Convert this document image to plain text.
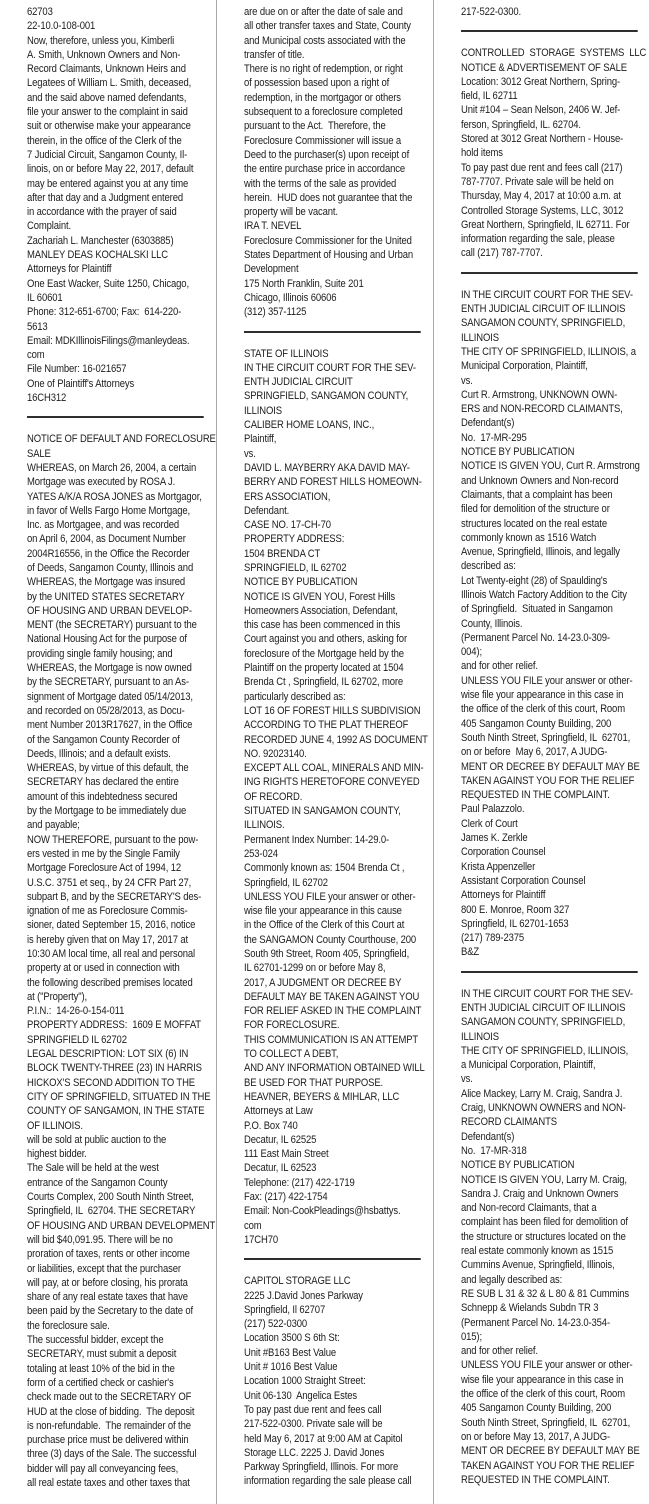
62703
22-10.0-108-001
Now, therefore, unless you, Kimberli
A. Smith, Unknown Owners and Non-
Record Claimants, Unknown Heirs and
Legatees of William L. Smith, deceased,
and the said above named defendants,
file your answer to the complaint in said
suit or otherwise make your appearance
therein, in the office of the Clerk of the
7 Judicial Circuit, Sangamon County, Il-
linois, on or before May 22, 2017, default
may be entered against you at any time
after that day and a Judgment entered
in accordance with the prayer of said
Complaint.
Zachariah L. Manchester (6303885)
MANLEY DEAS KOCHALSKI LLC
Attorneys for Plaintiff
One East Wacker, Suite 1250, Chicago,
IL 60601
Phone: 312-651-6700; Fax:  614-220-
5613
Email: MDKIllinoisFilings@manleydeas.
com
File Number: 16-021657
One of Plaintiff's Attorneys
16CH312
NOTICE OF DEFAULT AND FORECLOSURE
SALE
WHEREAS, on March 26, 2004, a certain
Mortgage was executed by ROSA J.
YATES A/K/A ROSA JONES as Mortgagor,
in favor of Wells Fargo Home Mortgage,
Inc. as Mortgagee, and was recorded
on April 6, 2004, as Document Number
2004R16556, in the Office the Recorder
of Deeds, Sangamon County, Illinois and
WHEREAS, the Mortgage was insured
by the UNITED STATES SECRETARY
OF HOUSING AND URBAN DEVELOP-
MENT (the SECRETARY) pursuant to the
National Housing Act for the purpose of
providing single family housing; and
WHEREAS, the Mortgage is now owned
by the SECRETARY, pursuant to an As-
signment of Mortgage dated 05/14/2013,
and recorded on 05/28/2013, as Docu-
ment Number 2013R17627, in the Office
of the Sangamon County Recorder of
Deeds, Illinois; and a default exists.
WHEREAS, by virtue of this default, the
SECRETARY has declared the entire
amount of this indebtedness secured
by the Mortgage to be immediately due
and payable;
NOW THEREFORE, pursuant to the pow-
ers vested in me by the Single Family
Mortgage Foreclosure Act of 1994, 12
U.S.C. 3751 et seq., by 24 CFR Part 27,
subpart B, and by the SECRETARY'S des-
ignation of me as Foreclosure Commis-
sioner, dated September 15, 2016, notice
is hereby given that on May 17, 2017 at
10:30 AM local time, all real and personal
property at or used in connection with
the following described premises located
at ("Property"),
P.I.N.:  14-26-0-154-011
PROPERTY ADDRESS:  1609 E MOFFAT
SPRINGFIELD IL 62702
LEGAL DESCRIPTION: LOT SIX (6) IN
BLOCK TWENTY-THREE (23) IN HARRIS
HICKOX'S SECOND ADDITION TO THE
CITY OF SPRINGFIELD, SITUATED IN THE
COUNTY OF SANGAMON, IN THE STATE
OF ILLINOIS.
will be sold at public auction to the
highest bidder.
The Sale will be held at the west
entrance of the Sangamon County
Courts Complex, 200 South Ninth Street,
Springfield, IL  62704. THE SECRETARY
OF HOUSING AND URBAN DEVELOPMENT
will bid $40,091.95. There will be no
proration of taxes, rents or other income
or liabilities, except that the purchaser
will pay, at or before closing, his prorata
share of any real estate taxes that have
been paid by the Secretary to the date of
the foreclosure sale.
The successful bidder, except the
SECRETARY, must submit a deposit
totaling at least 10% of the bid in the
form of a certified check or cashier's
check made out to the SECRETARY OF
HUD at the close of bidding.  The deposit
is non-refundable.  The remainder of the
purchase price must be delivered within
three (3) days of the Sale. The successful
bidder will pay all conveyancing fees,
all real estate taxes and other taxes that
are due on or after the date of sale and
all other transfer taxes and State, County
and Municipal costs associated with the
transfer of title.
There is no right of redemption, or right
of possession based upon a right of
redemption, in the mortgagor or others
subsequent to a foreclosure completed
pursuant to the Act.  Therefore, the
Foreclosure Commissioner will issue a
Deed to the purchaser(s) upon receipt of
the entire purchase price in accordance
with the terms of the sale as provided
herein.  HUD does not guarantee that the
property will be vacant.
IRA T. NEVEL
Foreclosure Commissioner for the United
States Department of Housing and Urban
Development
175 North Franklin, Suite 201
Chicago, Illinois 60606
(312) 357-1125
STATE OF ILLINOIS
IN THE CIRCUIT COURT FOR THE SEV-
ENTH JUDICIAL CIRCUIT
SPRINGFIELD, SANGAMON COUNTY,
ILLINOIS
CALIBER HOME LOANS, INC.,
Plaintiff,
vs.
DAVID L. MAYBERRY AKA DAVID MAY-
BERRY AND FOREST HILLS HOMEOWN-
ERS ASSOCIATION,
Defendant.
CASE NO. 17-CH-70
PROPERTY ADDRESS:
1504 BRENDA CT
SPRINGFIELD, IL 62702
NOTICE BY PUBLICATION
NOTICE IS GIVEN YOU, Forest Hills
Homeowners Association, Defendant,
this case has been commenced in this
Court against you and others, asking for
foreclosure of the Mortgage held by the
Plaintiff on the property located at 1504
Brenda Ct , Springfield, IL 62702, more
particularly described as:
LOT 16 OF FOREST HILLS SUBDIVISION
ACCORDING TO THE PLAT THEREOF
RECORDED JUNE 4, 1992 AS DOCUMENT
NO. 92023140.
EXCEPT ALL COAL, MINERALS AND MIN-
ING RIGHTS HERETOFORE CONVEYED
OF RECORD.
SITUATED IN SANGAMON COUNTY,
ILLINOIS.
Permanent Index Number: 14-29.0-
253-024
Commonly known as: 1504 Brenda Ct ,
Springfield, IL 62702
UNLESS YOU FILE your answer or other-
wise file your appearance in this cause
in the Office of the Clerk of this Court at
the SANGAMON County Courthouse, 200
South 9th Street, Room 405, Springfield,
IL 62701-1299 on or before May 8,
2017, A JUDGMENT OR DECREE BY
DEFAULT MAY BE TAKEN AGAINST YOU
FOR RELIEF ASKED IN THE COMPLAINT
FOR FORECLOSURE.
THIS COMMUNICATION IS AN ATTEMPT
TO COLLECT A DEBT,
AND ANY INFORMATION OBTAINED WILL
BE USED FOR THAT PURPOSE.
HEAVNER, BEYERS & MIHLAR, LLC
Attorneys at Law
P.O. Box 740
Decatur, IL 62525
111 East Main Street
Decatur, IL 62523
Telephone: (217) 422-1719
Fax: (217) 422-1754
Email: Non-CookPleadings@hsbattys.
com
17CH70
CAPITOL STORAGE LLC
2225 J.David Jones Parkway
Springfield, Il 62707
(217) 522-0300
Location 3500 S 6th St:
Unit #B163 Best Value
Unit # 1016 Best Value
Location 1000 Straight Street:
Unit 06-130  Angelica Estes
To pay past due rent and fees call
217-522-0300. Private sale will be
held May 6, 2017 at 9:00 AM at Capitol
Storage LLC. 2225 J. David Jones
Parkway Springfield, Illinois. For more
information regarding the sale please call
217-522-0300.
CONTROLLED  STORAGE  SYSTEMS  LLC
NOTICE & ADVERTISEMENT OF SALE
Location: 3012 Great Northern, Spring-
field, IL 62711
Unit #104 – Sean Nelson, 2406 W. Jef-
ferson, Springfield, IL. 62704.
Stored at 3012 Great Northern - House-
hold items
To pay past due rent and fees call (217)
787-7707. Private sale will be held on
Thursday, May 4, 2017 at 10:00 a.m. at
Controlled Storage Systems, LLC, 3012
Great Northern, Springfield, IL 62711. For
information regarding the sale, please
call (217) 787-7707.
IN THE CIRCUIT COURT FOR THE SEV-
ENTH JUDICIAL CIRCUIT OF ILLINOIS
SANGAMON COUNTY, SPRINGFIELD,
ILLINOIS
THE CITY OF SPRINGFIELD, ILLINOIS, a
Municipal Corporation, Plaintiff,
vs.
Curt R. Armstrong, UNKNOWN OWN-
ERS and NON-RECORD CLAIMANTS,
Defendant(s)
No.  17-MR-295
NOTICE BY PUBLICATION
NOTICE IS GIVEN YOU, Curt R. Armstrong
and Unknown Owners and Non-record
Claimants, that a complaint has been
filed for demolition of the structure or
structures located on the real estate
commonly known as 1516 Watch
Avenue, Springfield, Illinois, and legally
described as:
Lot Twenty-eight (28) of Spaulding's
Illinois Watch Factory Addition to the City
of Springfield.  Situated in Sangamon
County, Illinois.
(Permanent Parcel No. 14-23.0-309-
004);
and for other relief.
UNLESS YOU FILE your answer or other-
wise file your appearance in this case in
the office of the clerk of this court, Room
405 Sangamon County Building, 200
South Ninth Street, Springfield, IL  62701,
on or before  May 6, 2017, A JUDG-
MENT OR DECREE BY DEFAULT MAY BE
TAKEN AGAINST YOU FOR THE RELIEF
REQUESTED IN THE COMPLAINT.
Paul Palazzolo.
Clerk of Court
James K. Zerkle
Corporation Counsel
Krista Appenzeller
Assistant Corporation Counsel
Attorneys for Plaintiff
800 E. Monroe, Room 327
Springfield, IL 62701-1653
(217) 789-2375
B&Z
IN THE CIRCUIT COURT FOR THE SEV-
ENTH JUDICIAL CIRCUIT OF ILLINOIS
SANGAMON COUNTY, SPRINGFIELD,
ILLINOIS
THE CITY OF SPRINGFIELD, ILLINOIS,
a Municipal Corporation, Plaintiff,
vs.
Alice Mackey, Larry M. Craig, Sandra J.
Craig, UNKNOWN OWNERS and NON-
RECORD CLAIMANTS
Defendant(s)
No.  17-MR-318
NOTICE BY PUBLICATION
NOTICE IS GIVEN YOU, Larry M. Craig,
Sandra J. Craig and Unknown Owners
and Non-record Claimants, that a
complaint has been filed for demolition of
the structure or structures located on the
real estate commonly known as 1515
Cummins Avenue, Springfield, Illinois,
and legally described as:
RE SUB L 31 & 32 & L 80 & 81 Cummins
Schnepp & Wielands Subdn TR 3
(Permanent Parcel No. 14-23.0-354-
015);
and for other relief.
UNLESS YOU FILE your answer or other-
wise file your appearance in this case in
the office of the clerk of this court, Room
405 Sangamon County Building, 200
South Ninth Street, Springfield, IL  62701,
on or before May 13, 2017, A JUDG-
MENT OR DECREE BY DEFAULT MAY BE
TAKEN AGAINST YOU FOR THE RELIEF
REQUESTED IN THE COMPLAINT.
